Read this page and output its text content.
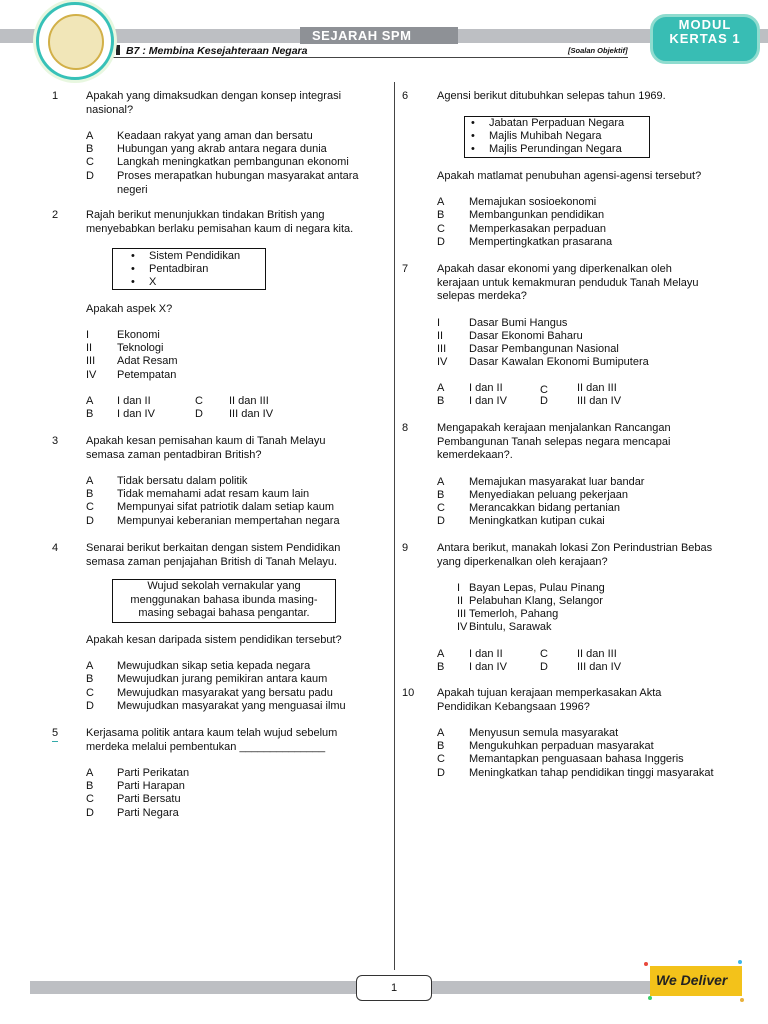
SEJARAH SPM
B7 : Membina Kesejahteraan Negara	[Soalan Objektif]
MODUL
KERTAS 1
1	Apakah yang dimaksudkan dengan konsep integrasi nasional?
A Keadaan rakyat yang aman dan bersatu
B Hubungan yang akrab antara negara dunia
C Langkah meningkatkan pembangunan ekonomi
D Proses merapatkan hubungan masyarakat antara negeri
2	Rajah berikut menunjukkan tindakan British yang menyebabkan berlaku pemisahan kaum di negara kita.
• Sistem Pendidikan
• Pentadbiran
• X
Apakah aspek X?
I	Ekonomi
II Teknologi
III Adat Resam
IV Petempatan
A I dan II	C II dan III
B I dan IV	D III dan IV
3	Apakah kesan pemisahan kaum di Tanah Melayu semasa zaman pentadbiran British?
A Tidak bersatu dalam politik
B Tidak memahami adat resam kaum lain
C Mempunyai sifat patriotik dalam setiap kaum
D Mempunyai keberanian mempertahan negara
4	Senarai berikut berkaitan dengan sistem Pendidikan semasa zaman penjajahan British di Tanah Melayu.
Wujud sekolah vernakular yang menggunakan bahasa ibunda masing-masing sebagai bahasa pengantar.
Apakah kesan daripada sistem pendidikan tersebut?
A Mewujudkan sikap setia kepada negara
B Mewujudkan jurang pemikiran antara kaum
C Mewujudkan masyarakat yang bersatu padu
D Mewujudkan masyarakat yang menguasai ilmu
5	Kerjasama politik antara kaum telah wujud sebelum merdeka melalui pembentukan ______________
A Parti Perikatan
B Parti Harapan
C Parti Bersatu
D Parti Negara
6	Agensi berikut ditubuhkan selepas tahun 1969.
• Jabatan Perpaduan Negara
• Majlis Muhibah Negara
• Majlis Perundingan Negara
Apakah matlamat penubuhan agensi-agensi tersebut?
A Memajukan sosioekonomi
B Membangunkan pendidikan
C Memperkasakan perpaduan
D Mempertingkatkan prasarana
7	Apakah dasar ekonomi yang diperkenalkan oleh kerajaan untuk kemakmuran penduduk Tanah Melayu selepas merdeka?
I	Dasar Bumi Hangus
II Dasar Ekonomi Baharu
III Dasar Pembangunan Nasional
IV Dasar Kawalan Ekonomi Bumiputera
A I dan II	C	II dan III
B I dan IV	D	III dan IV
8	Mengapakah kerajaan menjalankan Rancangan Pembangunan Tanah selepas negara mencapai kemerdekaan?.
A Memajukan masyarakat luar bandar
B Menyediakan peluang pekerjaan
C Merancakkan bidang pertanian
D Meningkatkan kutipan cukai
9	Antara berikut, manakah lokasi Zon Perindustrian Bebas yang diperkenalkan oleh kerajaan?
I Bayan Lepas, Pulau Pinang
II Pelabuhan Klang, Selangor
III Temerloh, Pahang
IV Bintulu, Sarawak
A I dan II	C	II dan III
B I dan IV	D	III dan IV
10 Apakah tujuan kerajaan memperkasakan Akta Pendidikan Kebangsaan 1996?
A Menyusun semula masyarakat
B Mengukuhkan perpaduan masyarakat
C Memantapkan penguasaan bahasa Inggeris
D Meningkatkan tahap pendidikan tinggi masyarakat
1	We Deliver
